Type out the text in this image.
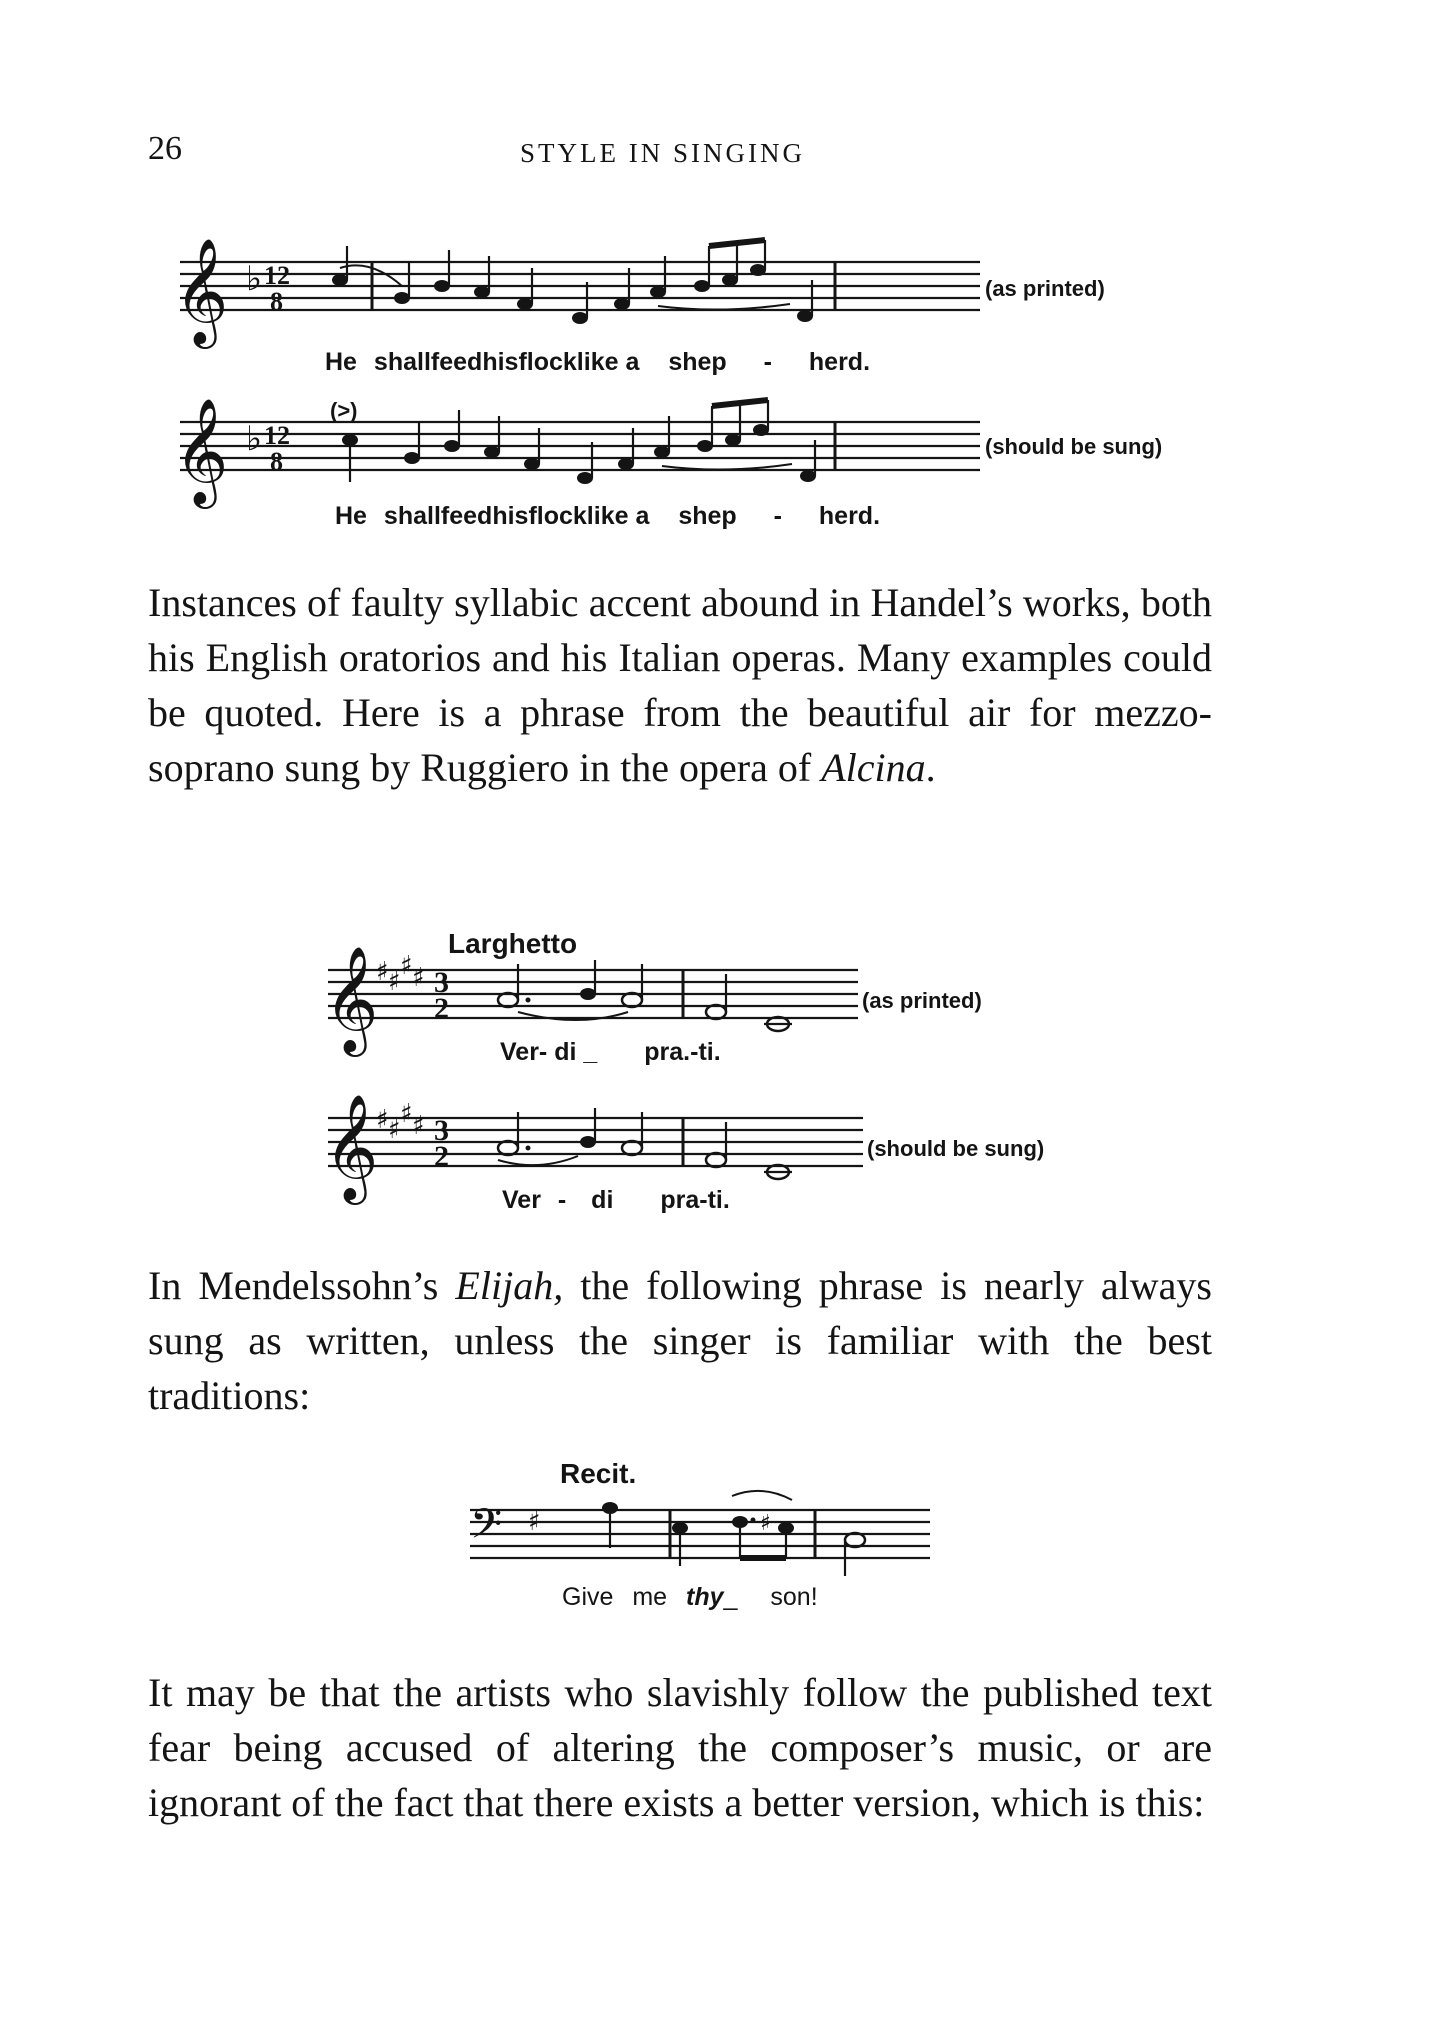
26	STYLE IN SINGING
𝄞 ♭ 12
8
He shallfeedhisflocklike a shep - herd.
(as printed)
(>)
𝄞 ♭ 12
8
He shallfeedhisflocklike a shep - herd.
(should be sung)

Instances of faulty syllabic accent abound in Handel’s works, both his English oratorios and his Italian operas. Many examples could be quoted. Here is a phrase from the beautiful air for mezzo-soprano sung by Ruggiero in the opera of Alcina.

Larghetto
𝄞
♯ ♯
♯ ♯ 3
2
Ver- di _ pra.-ti.
(as printed)
𝄞
♯ ♯
♯ ♯ 3
2
Ver - di pra-ti.
(should be sung)

In Mendelssohn’s Elijah, the following phrase is nearly always sung as written, unless the singer is familiar with the best traditions:

Recit.
𝄢 ♯	♯
Give me thy_ son!

It may be that the artists who slavishly follow the published text fear being accused of altering the composer’s music, or are ignorant of the fact that there exists a better version, which is this:
